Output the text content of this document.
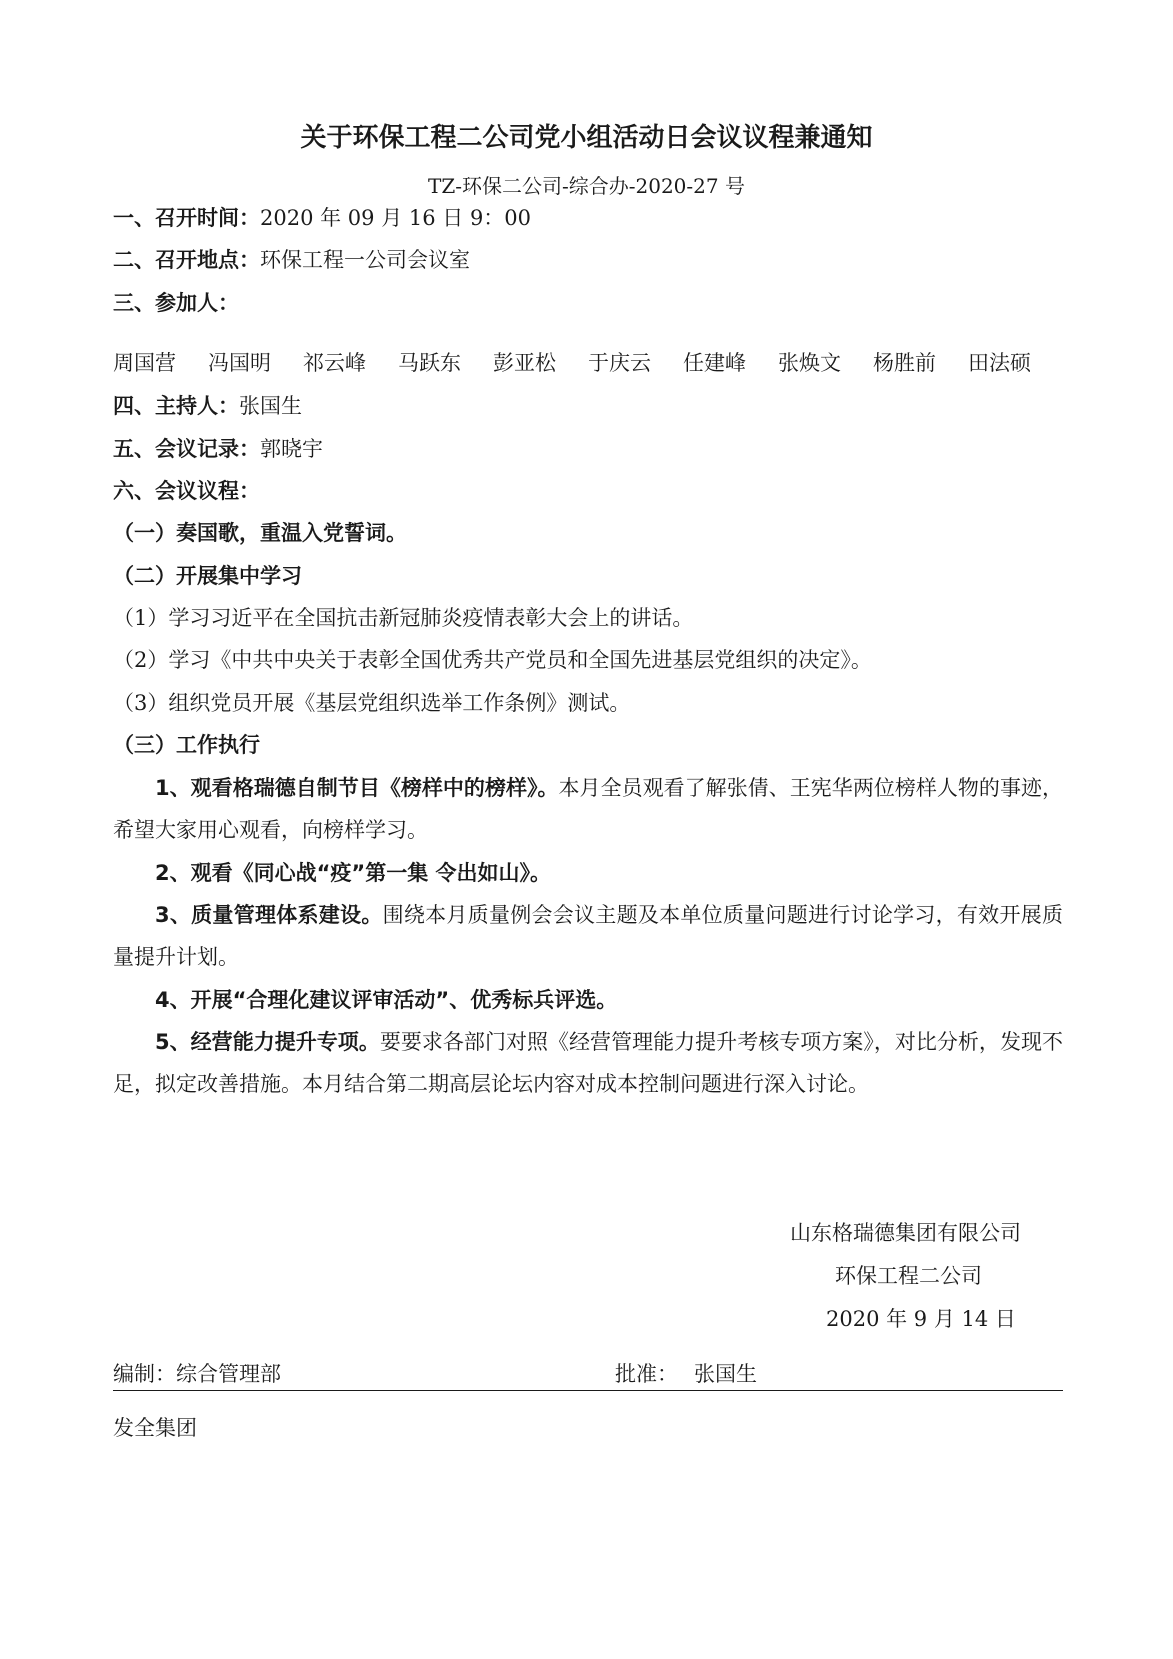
关于环保工程二公司党小组活动日会议议程兼通知
TZ-环保二公司-综合办-2020-27 号
一、召开时间：2020 年 09 月 16 日 9：00
二、召开地点：环保工程一公司会议室
三、参加人：
周国营	冯国明	祁云峰	马跃东	彭亚松	于庆云	任建峰	张焕文	杨胜前	田法硕
四、主持人：张国生
五、会议记录：郭晓宇
六、会议议程：
（一）奏国歌，重温入党誓词。
（二）开展集中学习
（1）学习习近平在全国抗击新冠肺炎疫情表彰大会上的讲话。
（2）学习《中共中央关于表彰全国优秀共产党员和全国先进基层党组织的决定》。
（3）组织党员开展《基层党组织选举工作条例》测试。
（三）工作执行
1、观看格瑞德自制节目《榜样中的榜样》。本月全员观看了解张倩、王宪华两位榜样人物的事迹，希望大家用心观看，向榜样学习。
2、观看《同心战“疫”第一集 令出如山》。
3、质量管理体系建设。围绕本月质量例会会议主题及本单位质量问题进行讨论学习，有效开展质量提升计划。
4、开展“合理化建议评审活动”、优秀标兵评选。
5、经营能力提升专项。要要求各部门对照《经营管理能力提升考核专项方案》，对比分析，发现不足，拟定改善措施。本月结合第二期高层论坛内容对成本控制问题进行深入讨论。
山东格瑞德集团有限公司
环保工程二公司
2020 年 9 月 14 日
编制：综合管理部	批准： 张国生
发全集团
